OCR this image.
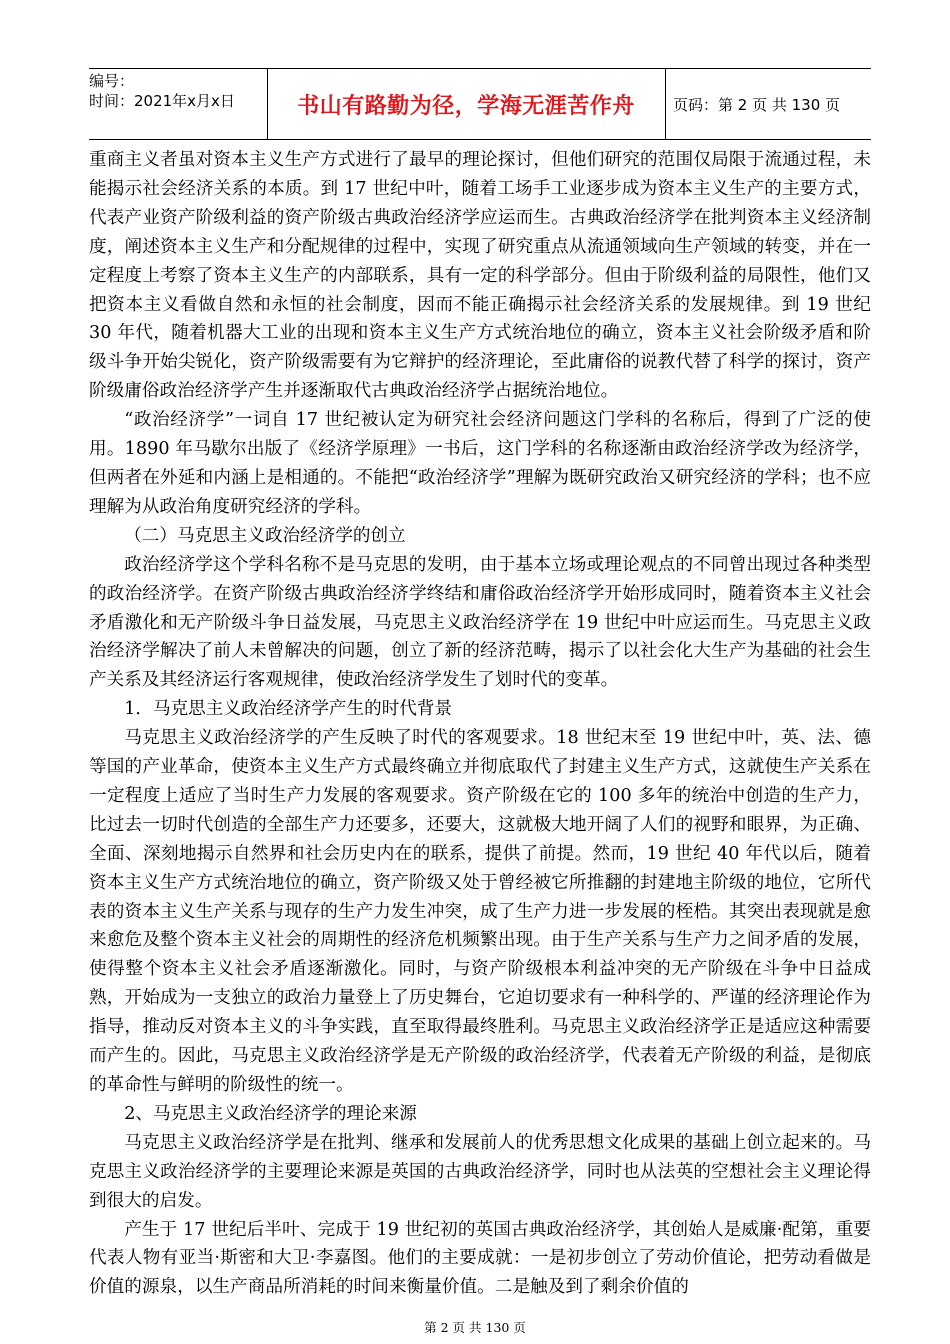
编号：
时间：2021年x月x日	书山有路勤为径，学海无涯苦作舟	页码：第 2 页 共 130 页

重商主义者虽对资本主义生产方式进行了最早的理论探讨，但他们研究的范围仅局限于流通过程，未能揭示社会经济关系的本质。到 17 世纪中叶，随着工场手工业逐步成为资本主义生产的主要方式，代表产业资产阶级利益的资产阶级古典政治经济学应运而生。古典政治经济学在批判资本主义经济制度，阐述资本主义生产和分配规律的过程中，实现了研究重点从流通领域向生产领域的转变，并在一定程度上考察了资本主义生产的内部联系，具有一定的科学部分。但由于阶级利益的局限性，他们又把资本主义看做自然和永恒的社会制度，因而不能正确揭示社会经济关系的发展规律。到 19 世纪 30 年代，随着机器大工业的出现和资本主义生产方式统治地位的确立，资本主义社会阶级矛盾和阶级斗争开始尖锐化，资产阶级需要有为它辩护的经济理论，至此庸俗的说教代替了科学的探讨，资产阶级庸俗政治经济学产生并逐渐取代古典政治经济学占据统治地位。

“政治经济学”一词自 17 世纪被认定为研究社会经济问题这门学科的名称后，得到了广泛的使用。1890 年马歇尔出版了《经济学原理》一书后，这门学科的名称逐渐由政治经济学改为经济学，但两者在外延和内涵上是相通的。不能把“政治经济学”理解为既研究政治又研究经济的学科；也不应理解为从政治角度研究经济的学科。

（二）马克思主义政治经济学的创立

政治经济学这个学科名称不是马克思的发明，由于基本立场或理论观点的不同曾出现过各种类型的政治经济学。在资产阶级古典政治经济学终结和庸俗政治经济学开始形成同时，随着资本主义社会矛盾激化和无产阶级斗争日益发展，马克思主义政治经济学在 19 世纪中叶应运而生。马克思主义政治经济学解决了前人未曾解决的问题，创立了新的经济范畴，揭示了以社会化大生产为基础的社会生产关系及其经济运行客观规律，使政治经济学发生了划时代的变革。

1．马克思主义政治经济学产生的时代背景

马克思主义政治经济学的产生反映了时代的客观要求。18 世纪末至 19 世纪中叶，英、法、德等国的产业革命，使资本主义生产方式最终确立并彻底取代了封建主义生产方式，这就使生产关系在一定程度上适应了当时生产力发展的客观要求。资产阶级在它的 100 多年的统治中创造的生产力，比过去一切时代创造的全部生产力还要多，还要大，这就极大地开阔了人们的视野和眼界，为正确、全面、深刻地揭示自然界和社会历史内在的联系，提供了前提。然而，19 世纪 40 年代以后，随着资本主义生产方式统治地位的确立，资产阶级又处于曾经被它所推翻的封建地主阶级的地位，它所代表的资本主义生产关系与现存的生产力发生冲突，成了生产力进一步发展的桎梏。其突出表现就是愈来愈危及整个资本主义社会的周期性的经济危机频繁出现。由于生产关系与生产力之间矛盾的发展，使得整个资本主义社会矛盾逐渐激化。同时，与资产阶级根本利益冲突的无产阶级在斗争中日益成熟，开始成为一支独立的政治力量登上了历史舞台，它迫切要求有一种科学的、严谨的经济理论作为指导，推动反对资本主义的斗争实践，直至取得最终胜利。马克思主义政治经济学正是适应这种需要而产生的。因此，马克思主义政治经济学是无产阶级的政治经济学，代表着无产阶级的利益，是彻底的革命性与鲜明的阶级性的统一。

2、马克思主义政治经济学的理论来源

马克思主义政治经济学是在批判、继承和发展前人的优秀思想文化成果的基础上创立起来的。马克思主义政治经济学的主要理论来源是英国的古典政治经济学，同时也从法英的空想社会主义理论得到很大的启发。

产生于 17 世纪后半叶、完成于 19 世纪初的英国古典政治经济学，其创始人是威廉·配第，重要代表人物有亚当·斯密和大卫·李嘉图。他们的主要成就：一是初步创立了劳动价值论，把劳动看做是价值的源泉，以生产商品所消耗的时间来衡量价值。二是触及到了剩余价值的

第 2 页 共 130 页
